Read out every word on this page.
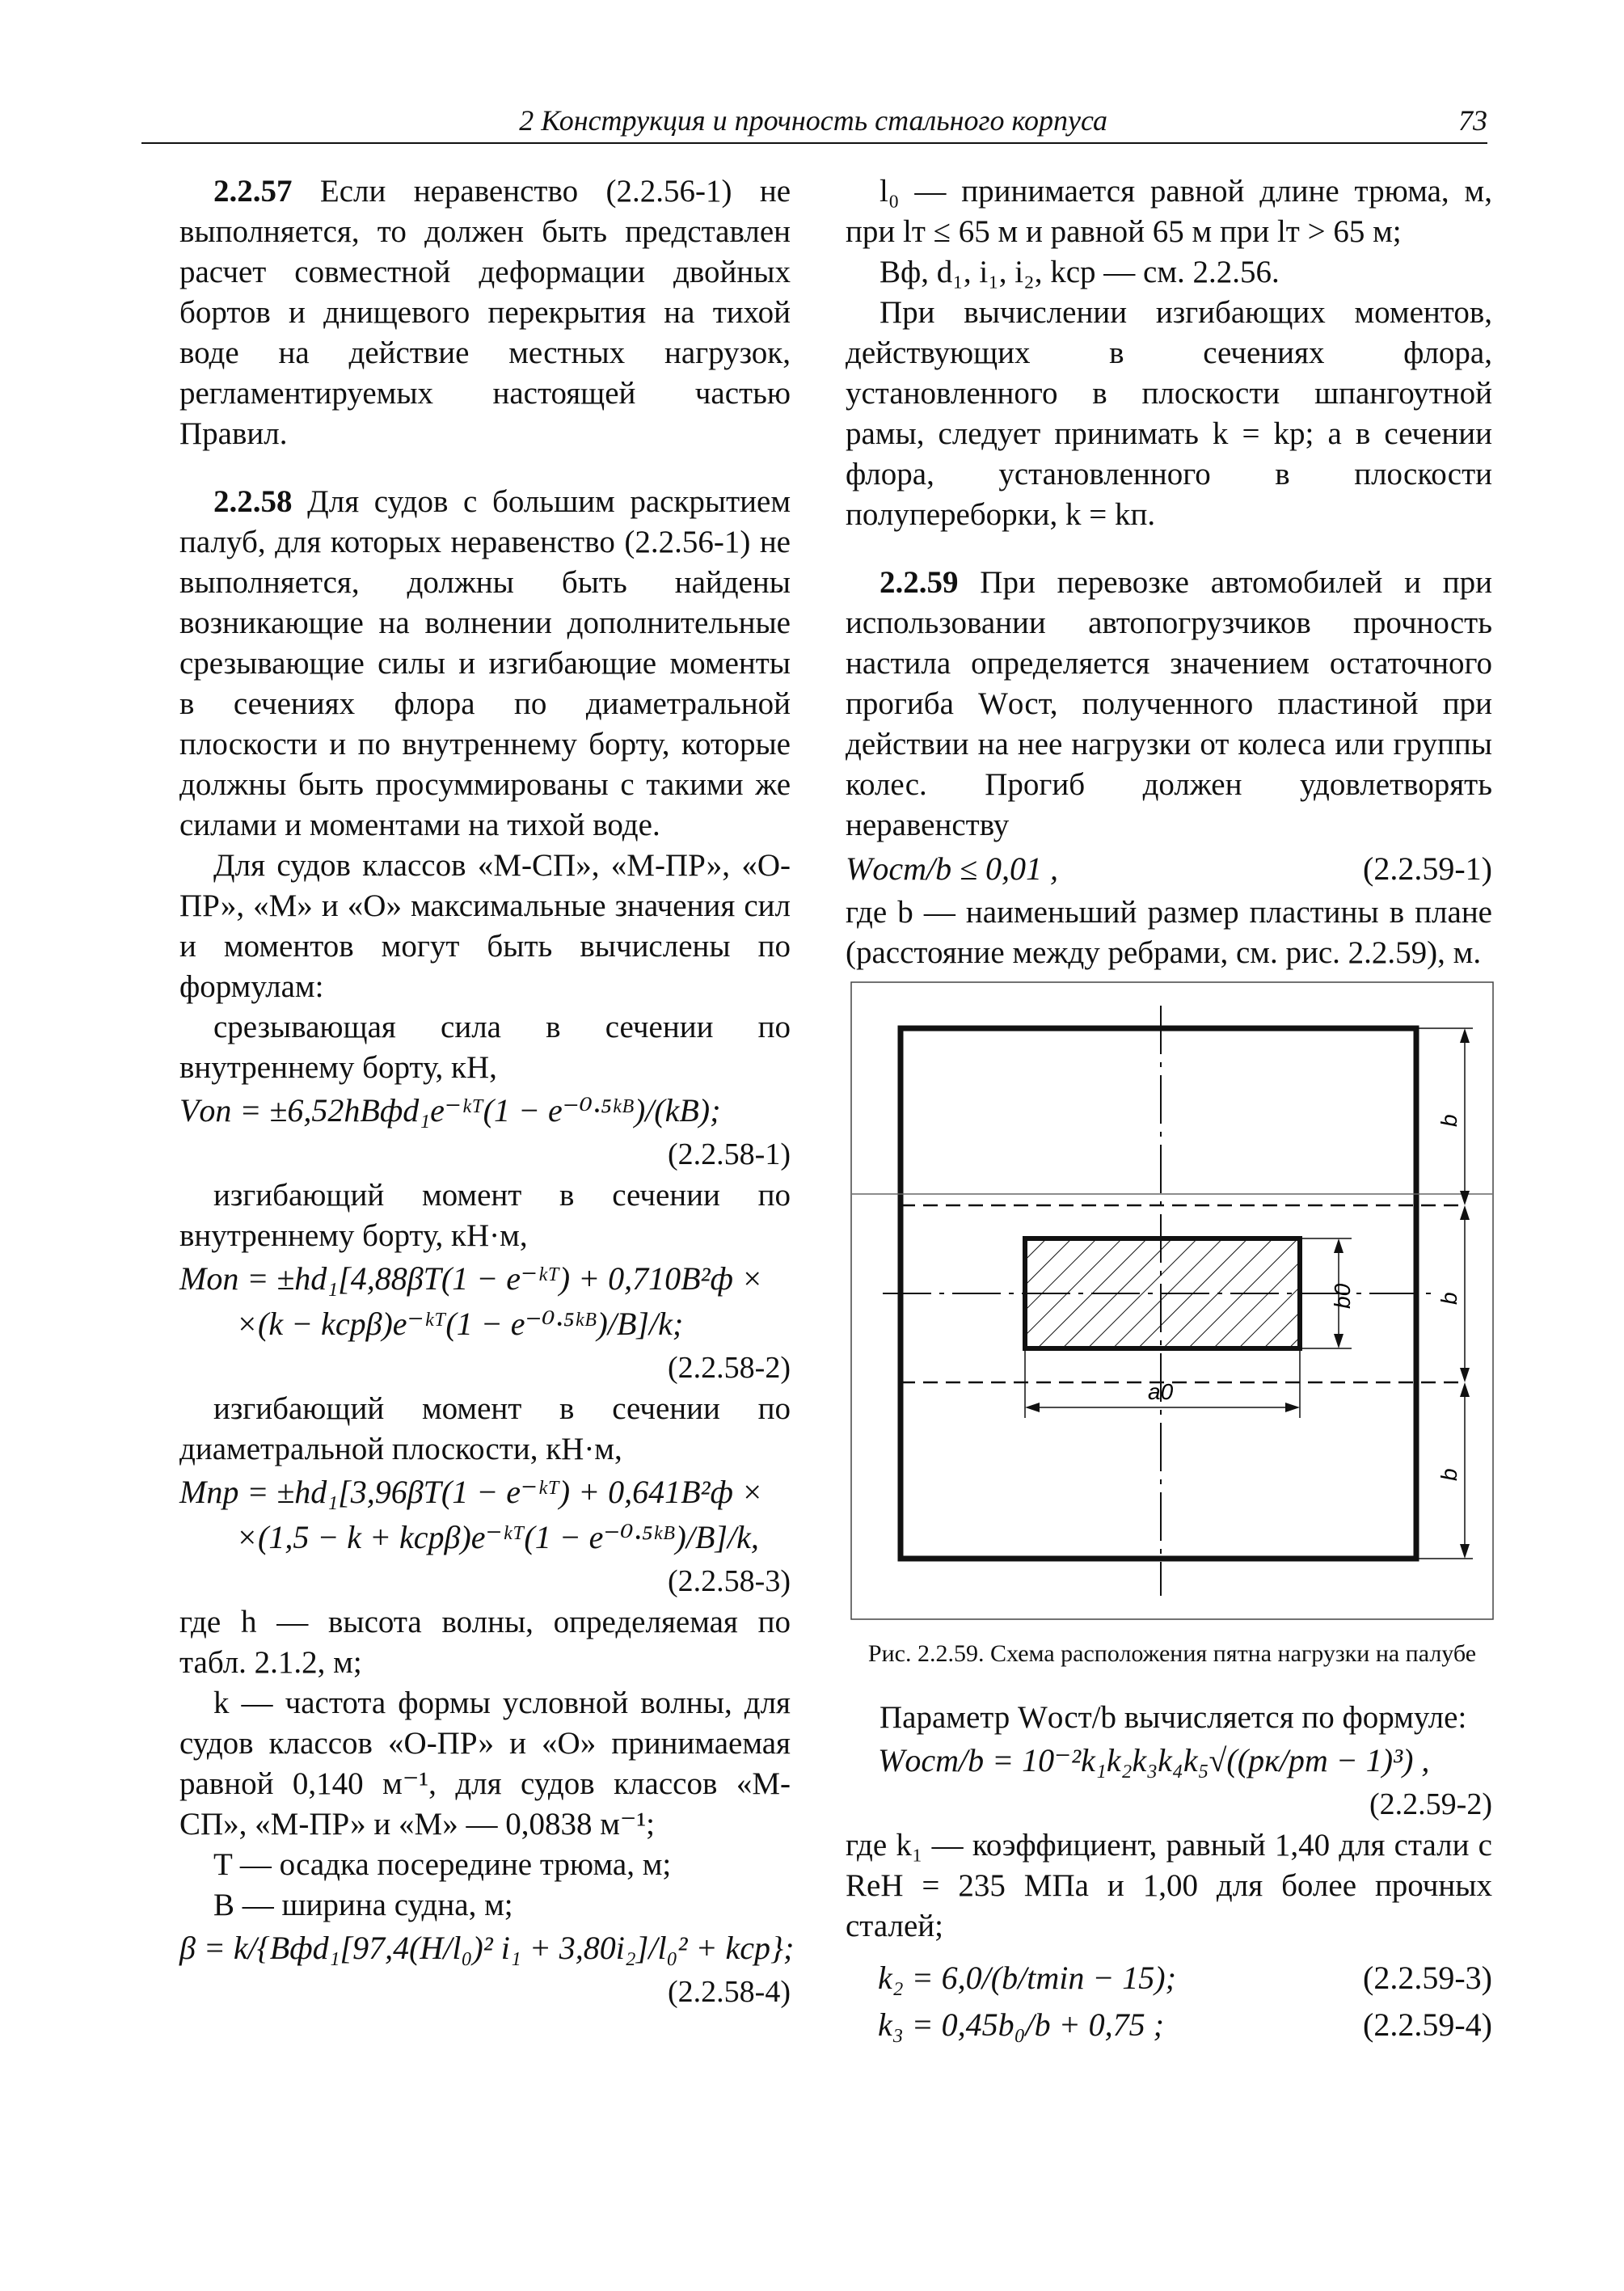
2 Конструкция и прочность стального корпуса	73

2.2.57 Если неравенство (2.2.56-1) не выполняется, то должен быть представлен расчет совместной деформации двойных бортов и днищевого перекрытия на тихой воде на действие местных нагрузок, регламентируемых настоящей частью Правил.

2.2.58 Для судов с большим раскрытием палуб, для которых неравенство (2.2.56-1) не выполняется, должны быть найдены возникающие на волнении дополнительные срезывающие силы и изгибающие моменты в сечениях флора по диаметральной плоскости и по внутреннему борту, которые должны быть просуммированы с такими же силами и моментами на тихой воде.

Для судов классов «М-СП», «М-ПР», «О-ПР», «М» и «О» максимальные значения сил и моментов могут быть вычислены по формулам:

срезывающая сила в сечении по внутреннему борту, кН,

Vоп = ±6,52hBфd₁e⁻ᵏᵀ(1 − e⁻⁰·⁵ᵏᴮ)/(kB);

(2.2.58-1)

изгибающий момент в сечении по внутреннему борту, кН·м,

Mоп = ±hd₁[4,88βT(1 − e⁻ᵏᵀ) + 0,710B²ф ×

×(k − kсрβ)e⁻ᵏᵀ(1 − e⁻⁰·⁵ᵏᴮ)/B]/k;

(2.2.58-2)

изгибающий момент в сечении по диаметральной плоскости, кН·м,

Mпр = ±hd₁[3,96βT(1 − e⁻ᵏᵀ) + 0,641B²ф ×

×(1,5 − k + kсрβ)e⁻ᵏᵀ(1 − e⁻⁰·⁵ᵏᴮ)/B]/k,

(2.2.58-3)

где h — высота волны, определяемая по табл. 2.1.2, м;

k — частота формы условной волны, для судов классов «О-ПР» и «О» принимаемая равной 0,140 м⁻¹, для судов классов «М-СП», «М-ПР» и «М» — 0,0838 м⁻¹;

T — осадка посередине трюма, м;

B — ширина судна, м;

β = k/{Bфd₁[97,4(H/l₀)² i₁ + 3,80i₂]/l₀² + kср};

(2.2.58-4)

l₀ — принимается равной длине трюма, м, при lт ≤ 65 м и равной 65 м при lт > 65 м;

Bф, d₁, i₁, i₂, kср — см. 2.2.56.

При вычислении изгибающих моментов, действующих в сечениях флора, установленного в плоскости шпангоутной рамы, следует принимать k = kр; а в сечении флора, установленного в плоскости полупереборки, k = kп.

2.2.59 При перевозке автомобилей и при использовании автопогрузчиков прочность настила определяется значением остаточного прогиба Wост, полученного пластиной при действии на нее нагрузки от колеса или группы колес. Прогиб должен удовлетворять неравенству

Wост/b ≤ 0,01 ,	(2.2.59-1)

где b — наименьший размер пластины в плане (расстояние между ребрами, см. рис. 2.2.59), м.

b0
a0
b
b
b

Рис. 2.2.59. Схема расположения пятна нагрузки на палубе

Параметр Wост/b вычисляется по формуле:

Wост/b = 10⁻²k₁k₂k₃k₄k₅√((pк/pт − 1)³) ,

(2.2.59-2)

где k₁ — коэффициент, равный 1,40 для стали с ReH = 235 МПа и 1,00 для более прочных сталей;

k₂ = 6,0/(b/tmin − 15);	(2.2.59-3)
k₃ = 0,45b₀/b + 0,75 ;	(2.2.59-4)
